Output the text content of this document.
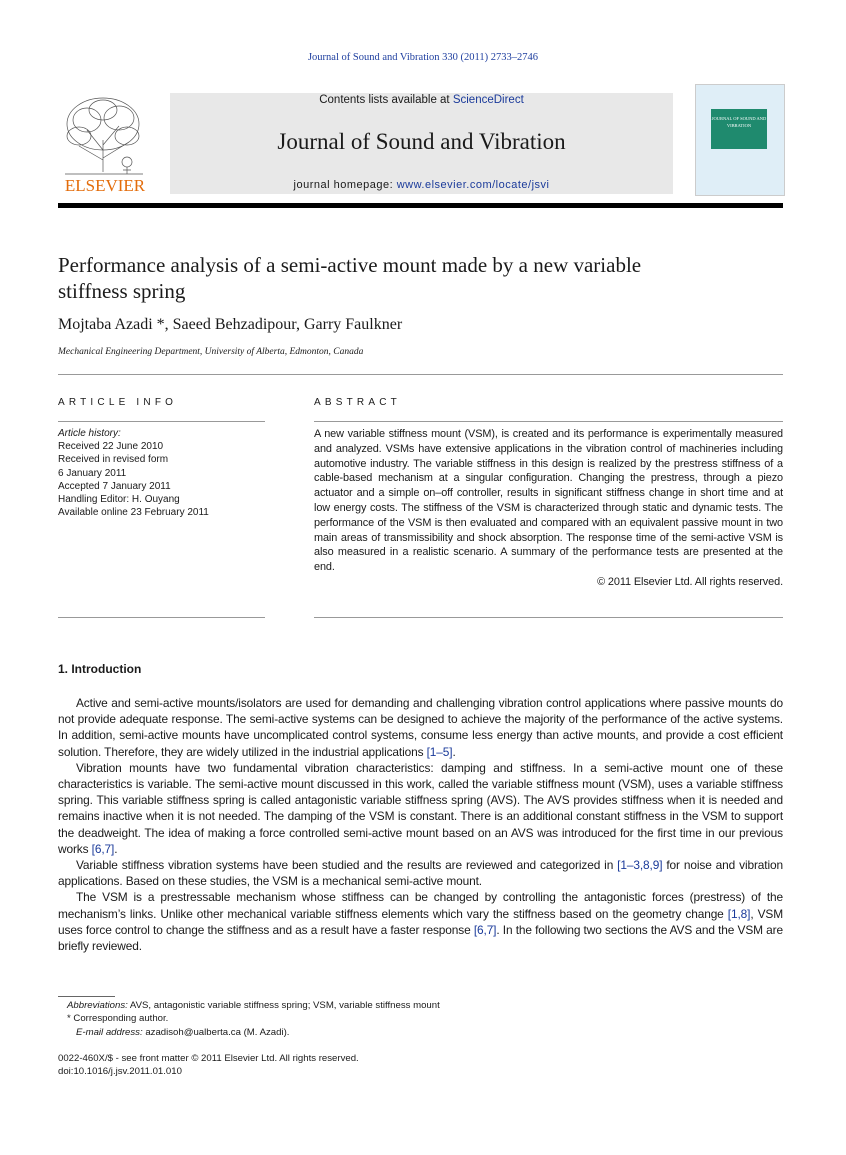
Journal of Sound and Vibration 330 (2011) 2733–2746
ELSEVIER
Contents lists available at ScienceDirect
Journal of Sound and Vibration
journal homepage: www.elsevier.com/locate/jsvi
JOURNAL OF SOUND AND VIBRATION
Performance analysis of a semi-active mount made by a new variable stiffness spring
Mojtaba Azadi *, Saeed Behzadipour, Garry Faulkner
Mechanical Engineering Department, University of Alberta, Edmonton, Canada
ARTICLE INFO	ABSTRACT
Article history:
Received 22 June 2010
Received in revised form
6 January 2011
Accepted 7 January 2011
Handling Editor: H. Ouyang
Available online 23 February 2011
A new variable stiffness mount (VSM), is created and its performance is experimentally measured and analyzed. VSMs have extensive applications in the vibration control of machineries including automotive industry. The variable stiffness in this design is realized by the prestress stiffness of a cable-based mechanism at a singular configuration. Changing the prestress, through a piezo actuator and a simple on–off controller, results in significant stiffness change in short time and at low energy costs. The stiffness of the VSM is characterized through static and dynamic tests. The performance of the VSM is then evaluated and compared with an equivalent passive mount in two main areas of transmissibility and shock absorption. The response time of the semi-active VSM is also measured in a realistic scenario. A summary of the performance tests are presented at the end.
© 2011 Elsevier Ltd. All rights reserved.
1. Introduction

Active and semi-active mounts/isolators are used for demanding and challenging vibration control applications where passive mounts do not provide adequate response. The semi-active systems can be designed to achieve the majority of the performance of the active systems. In addition, semi-active mounts have uncomplicated control systems, consume less energy than active mounts, and provide a cost efficient solution. Therefore, they are widely utilized in the industrial applications [1–5].

Vibration mounts have two fundamental vibration characteristics: damping and stiffness. In a semi-active mount one of these characteristics is variable. The semi-active mount discussed in this work, called the variable stiffness mount (VSM), uses a variable stiffness spring. This variable stiffness spring is called antagonistic variable stiffness spring (AVS). The AVS provides stiffness when it is needed and remains inactive when it is not needed. The damping of the VSM is constant. There is an additional constant stiffness in the VSM to support the deadweight. The idea of making a force controlled semi-active mount based on an AVS was introduced for the first time in our previous works [6,7].

Variable stiffness vibration systems have been studied and the results are reviewed and categorized in [1–3,8,9] for noise and vibration applications. Based on these studies, the VSM is a mechanical semi-active mount.

The VSM is a prestressable mechanism whose stiffness can be changed by controlling the antagonistic forces (prestress) of the mechanism’s links. Unlike other mechanical variable stiffness elements which vary the stiffness based on the geometry change [1,8], VSM uses force control to change the stiffness and as a result have a faster response [6,7]. In the following two sections the AVS and the VSM are briefly reviewed.

Abbreviations: AVS, antagonistic variable stiffness spring; VSM, variable stiffness mount
* Corresponding author.
E-mail address: azadisoh@ualberta.ca (M. Azadi).
0022-460X/$ - see front matter © 2011 Elsevier Ltd. All rights reserved.
doi:10.1016/j.jsv.2011.01.010
